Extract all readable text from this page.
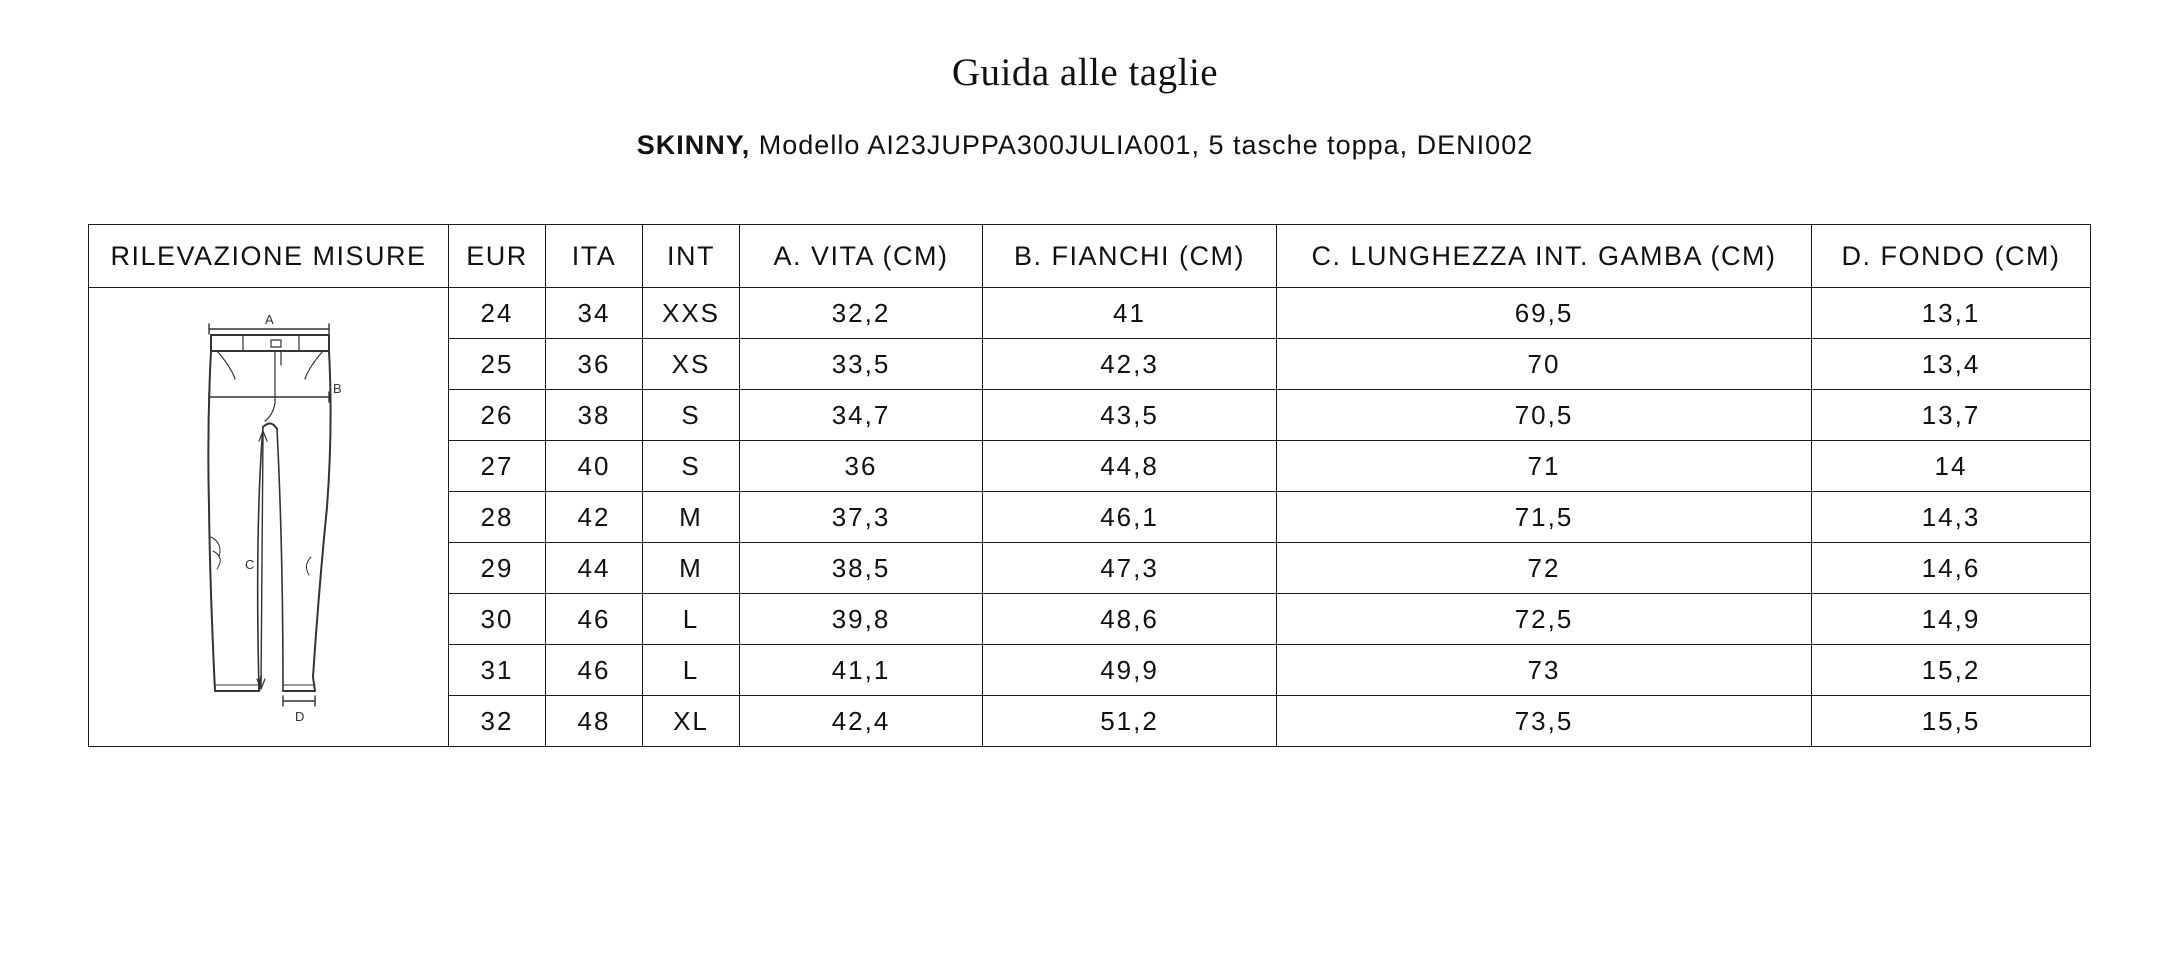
Guida alle taglie
SKINNY, Modello AI23JUPPA300JULIA001, 5 tasche toppa, DENI002
RILEVAZIONE MISURE	EUR	ITA	INT	A. VITA (CM)	B. FIANCHI (CM)	C. LUNGHEZZA INT. GAMBA (CM)	D. FONDO (CM)

A
B
C
D	24	34	XXS	32,2	41	69,5	13,1
	25	36	XS	33,5	42,3	70	13,4
	26	38	S	34,7	43,5	70,5	13,7
	27	40	S	36	44,8	71	14
	28	42	M	37,3	46,1	71,5	14,3
	29	44	M	38,5	47,3	72	14,6
	30	46	L	39,8	48,6	72,5	14,9
	31	46	L	41,1	49,9	73	15,2
	32	48	XL	42,4	51,2	73,5	15,5
